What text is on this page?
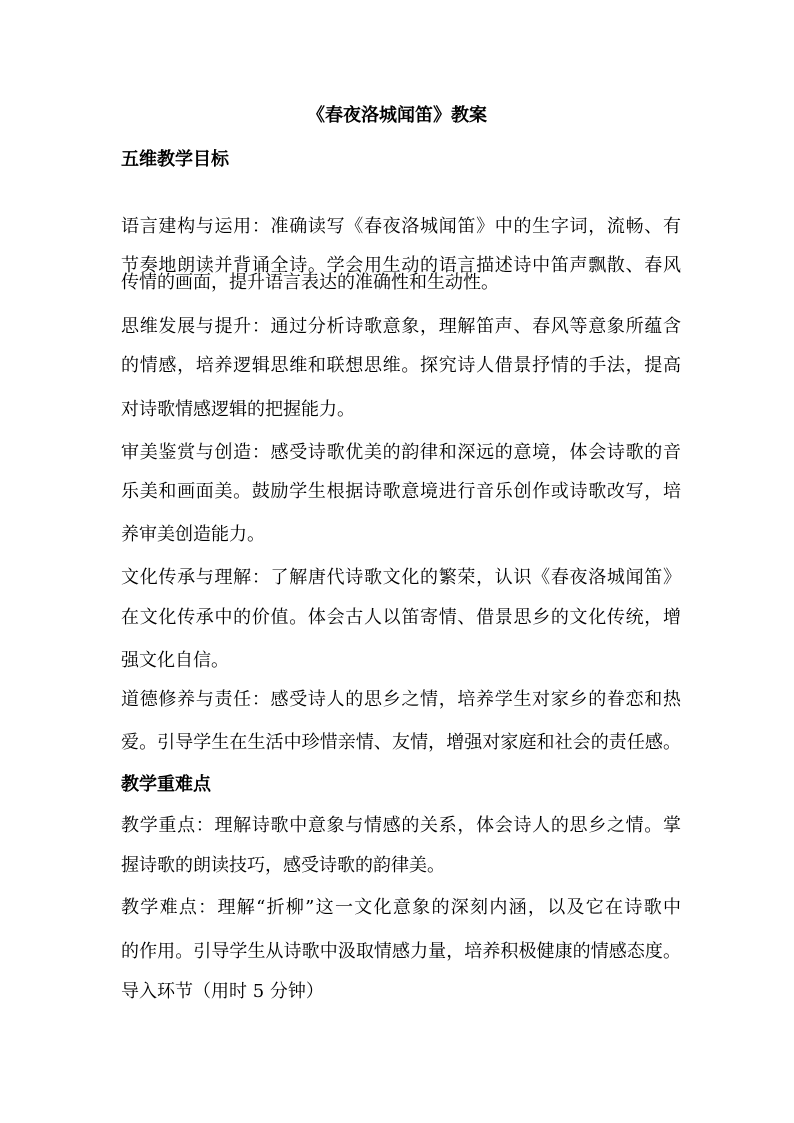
《春夜洛城闻笛》教案
五维教学目标
语言建构与运用：准确读写《春夜洛城闻笛》中的生字词，流畅、有
节奏地朗读并背诵全诗。学会用生动的语言描述诗中笛声飘散、春风
传情的画面，提升语言表达的准确性和生动性。
思维发展与提升：通过分析诗歌意象，理解笛声、春风等意象所蕴含
的情感，培养逻辑思维和联想思维。探究诗人借景抒情的手法，提高
对诗歌情感逻辑的把握能力。
审美鉴赏与创造：感受诗歌优美的韵律和深远的意境，体会诗歌的音
乐美和画面美。鼓励学生根据诗歌意境进行音乐创作或诗歌改写，培
养审美创造能力。
文化传承与理解：了解唐代诗歌文化的繁荣，认识《春夜洛城闻笛》
在文化传承中的价值。体会古人以笛寄情、借景思乡的文化传统，增
强文化自信。
道德修养与责任：感受诗人的思乡之情，培养学生对家乡的眷恋和热
爱。引导学生在生活中珍惜亲情、友情，增强对家庭和社会的责任感。
教学重难点
教学重点：理解诗歌中意象与情感的关系，体会诗人的思乡之情。掌
握诗歌的朗读技巧，感受诗歌的韵律美。
教学难点：理解“折柳”这一文化意象的深刻内涵，以及它在诗歌中
的作用。引导学生从诗歌中汲取情感力量，培养积极健康的情感态度。
导入环节（用时 5 分钟）
